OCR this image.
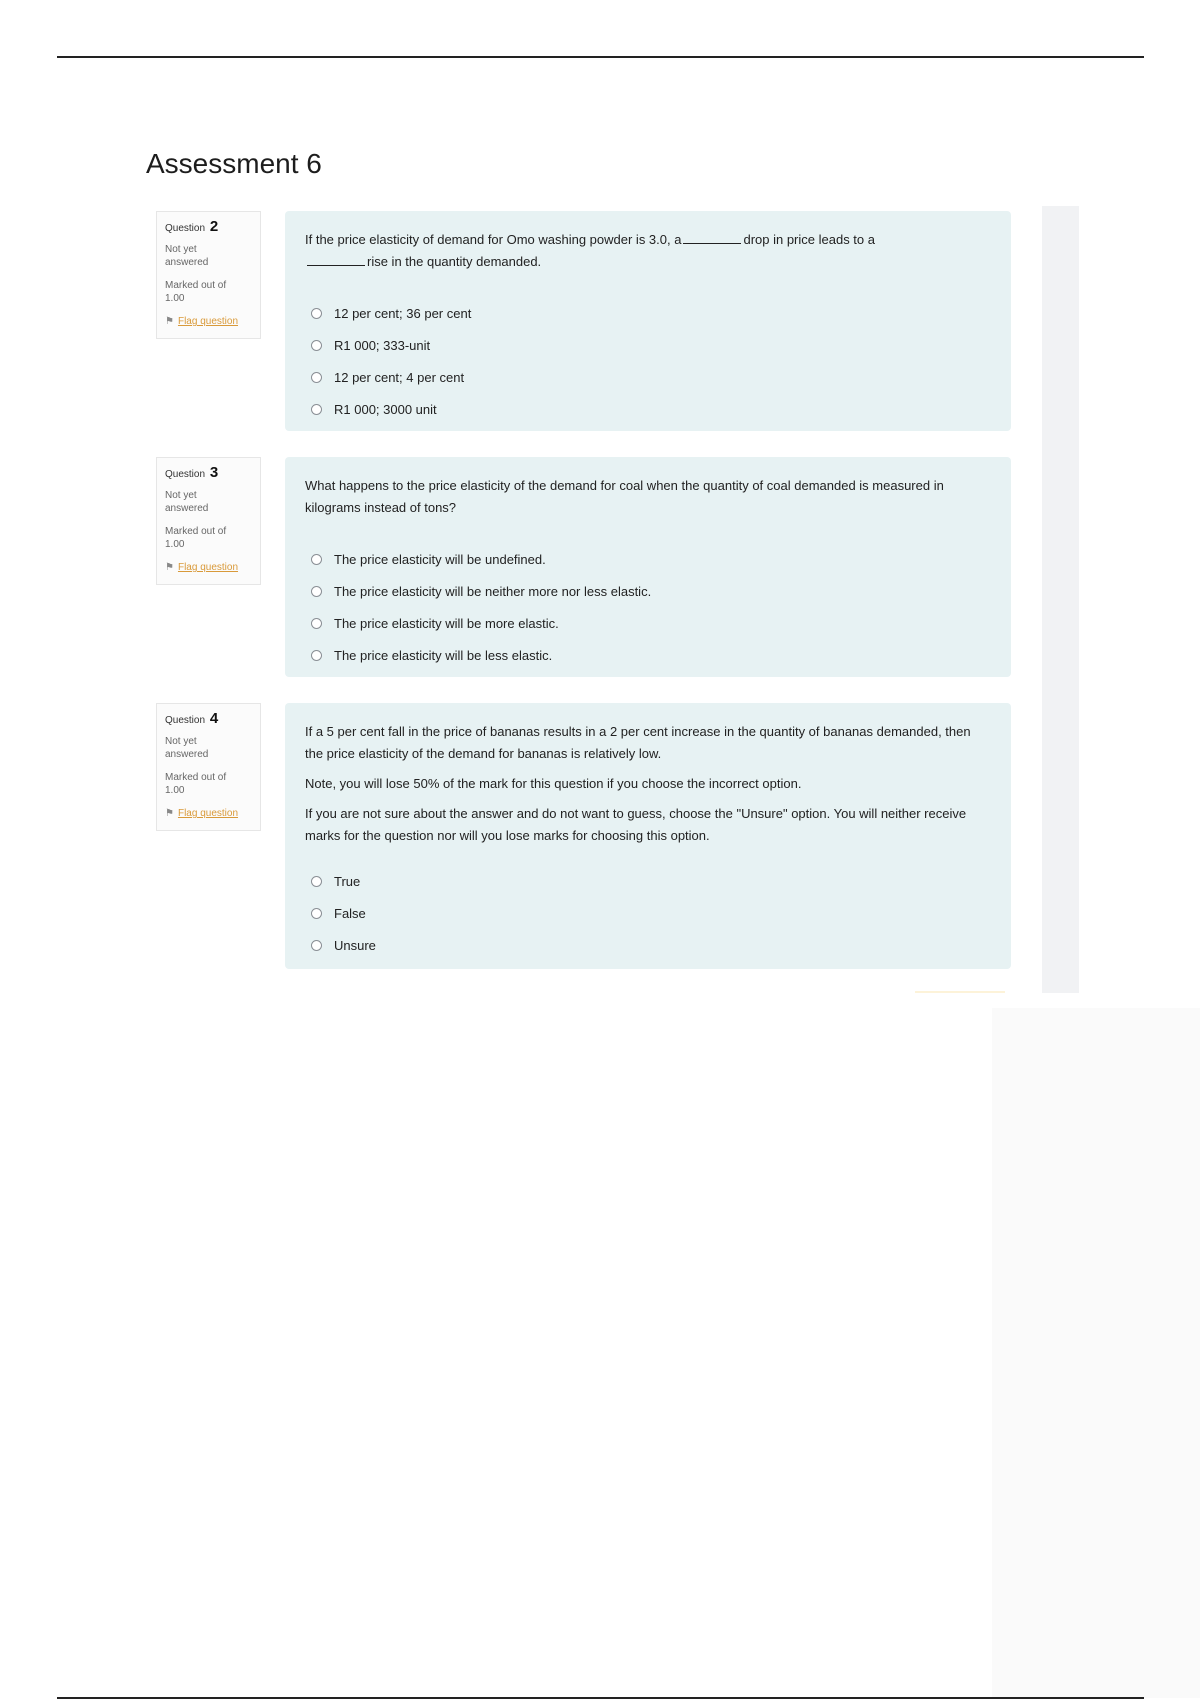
Assessment 6
Question 2
Not yet answered
Marked out of 1.00
⚑ Flag question

If the price elasticity of demand for Omo washing powder is 3.0, a	drop in price leads to a
rise in the quantity demanded.

12 per cent; 36 per cent
R1 000; 333-unit
12 per cent; 4 per cent
R1 000; 3000 unit
Question 3
Not yet answered
Marked out of 1.00
⚑ Flag question

What happens to the price elasticity of the demand for coal when the quantity of coal demanded is measured in kilograms instead of tons?

The price elasticity will be undefined.
The price elasticity will be neither more nor less elastic.
The price elasticity will be more elastic.
The price elasticity will be less elastic.
Question 4
Not yet answered
Marked out of 1.00
⚑ Flag question

If a 5 per cent fall in the price of bananas results in a 2 per cent increase in the quantity of bananas demanded, then the price elasticity of the demand for bananas is relatively low.

Note, you will lose 50% of the mark for this question if you choose the incorrect option.

If you are not sure about the answer and do not want to guess, choose the "Unsure" option. You will neither receive marks for the question nor will you lose marks for choosing this option.

True
False
Unsure
